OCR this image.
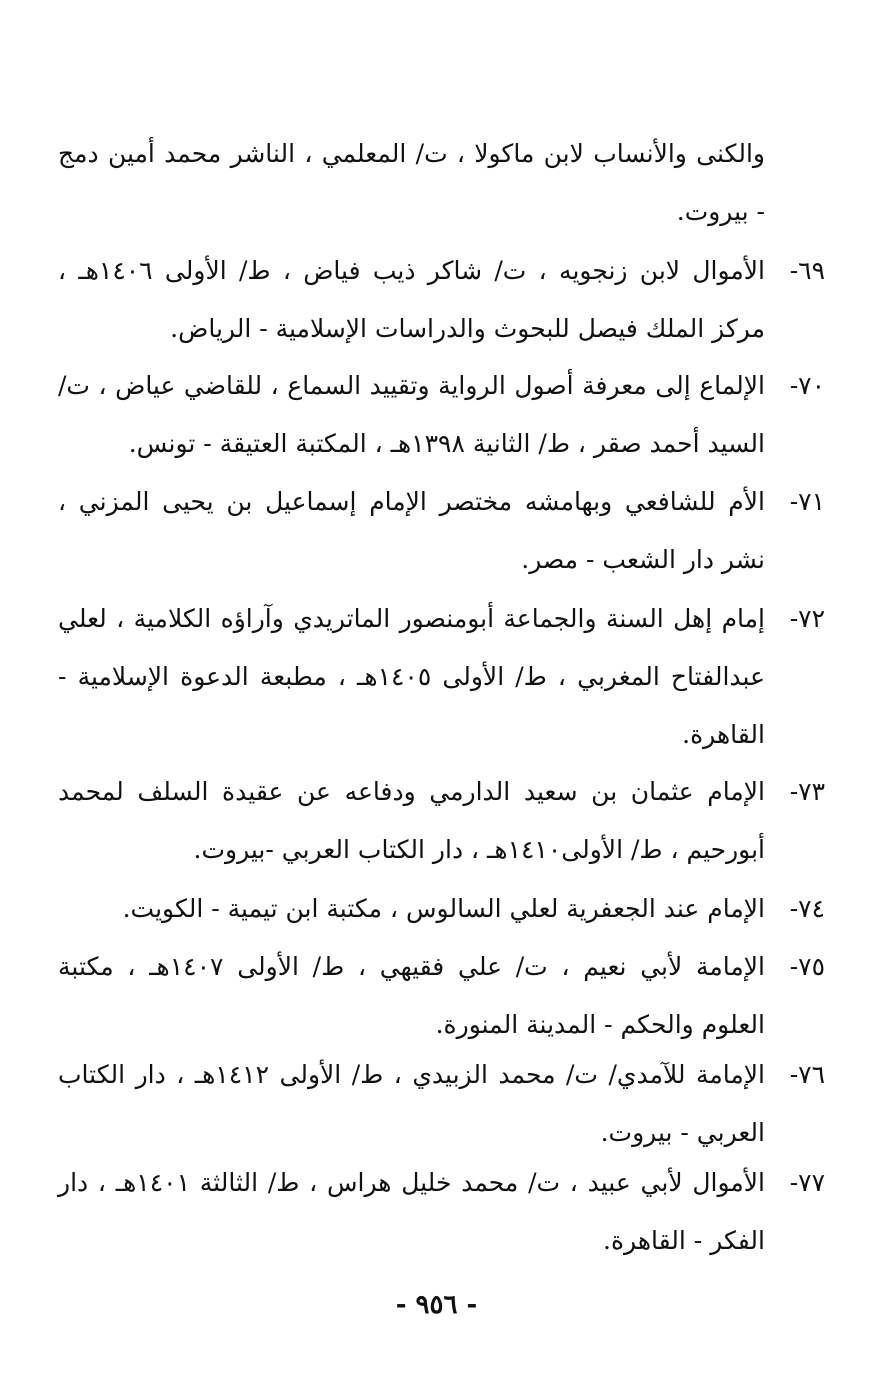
والكنى والأنساب لابن ماكولا ، ت/ المعلمي ، الناشر محمد أمين دمج - بيروت.
٦٩-
الأموال لابن زنجويه ، ت/ شاكر ذيب فياض ، ط/ الأولى ١٤٠٦هـ ، مركز الملك فيصل للبحوث والدراسات الإسلامية - الرياض.
٧٠-
الإلماع إلى معرفة أصول الرواية وتقييد السماع ، للقاضي عياض ، ت/ السيد أحمد صقر ، ط/ الثانية ١٣٩٨هـ ، المكتبة العتيقة - تونس.
٧١-
الأم للشافعي وبهامشه مختصر الإمام إسماعيل بن يحيى المزني ، نشر دار الشعب - مصر.
٧٢-
إمام إهل السنة والجماعة أبومنصور الماتريدي وآراؤه الكلامية ، لعلي عبدالفتاح المغربي ، ط/ الأولى ١٤٠٥هـ ، مطبعة الدعوة الإسلامية - القاهرة.
٧٣-
الإمام عثمان بن سعيد الدارمي ودفاعه عن عقيدة السلف لمحمد أبورحيم ، ط/ الأولى١٤١٠هـ ، دار الكتاب العربي -بيروت.
٧٤-
الإمام عند الجعفرية لعلي السالوس ، مكتبة ابن تيمية - الكويت.
٧٥-
الإمامة لأبي نعيم ، ت/ علي فقيهي ، ط/ الأولى ١٤٠٧هـ ، مكتبة العلوم والحكم - المدينة المنورة.
٧٦-
الإمامة للآمدي/ ت/ محمد الزبيدي ، ط/ الأولى ١٤١٢هـ ، دار الكتاب العربي - بيروت.
٧٧-
الأموال لأبي عبيد ، ت/ محمد خليل هراس ، ط/ الثالثة ١٤٠١هـ ، دار الفكر - القاهرة.
- ٩٥٦ -
